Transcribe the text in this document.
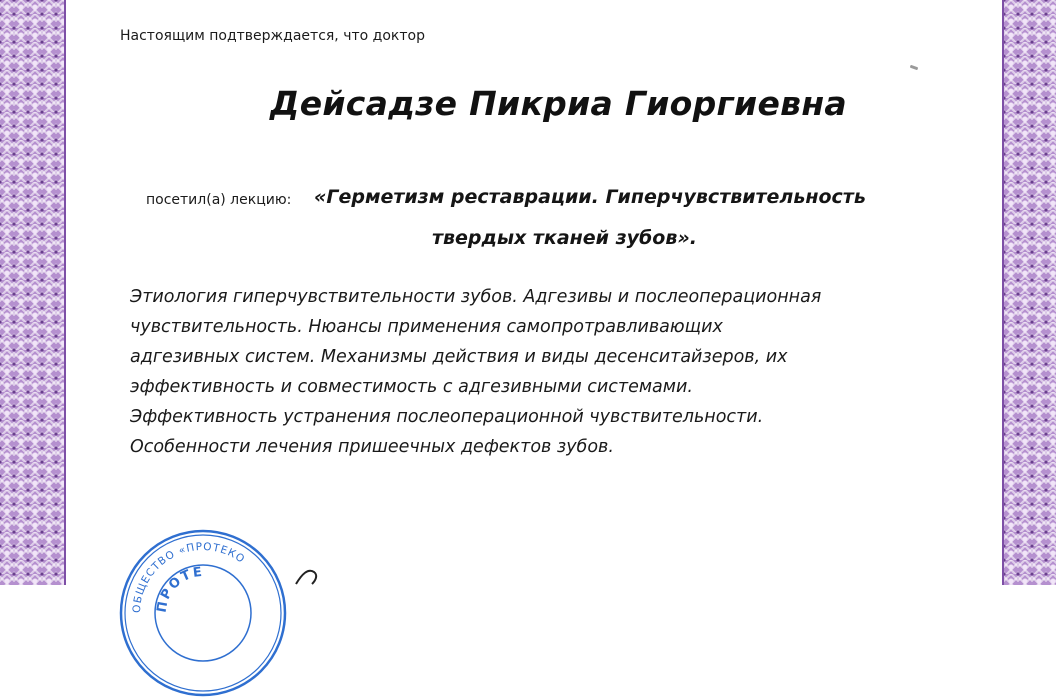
Настоящим подтверждается, что доктор
Дейсадзе Пикриа Гиоргиевна
посетил(а) лекцию: «Герметизм реставрации. Гиперчувствительность
твердых тканей зубов».
Этиология гиперчувствительности зубов. Адгезивы и послеоперационная
чувствительность. Нюансы применения самопротравливающих
адгезивных систем. Механизмы действия и виды десенситайзеров, их
эффективность и совместимость с адгезивными системами.
Эффективность устранения послеоперационной чувствительности.
Особенности лечения пришеечных дефектов зубов.
ОБЩЕСТВО «ПРОТЕКО
ПРОТЕ
